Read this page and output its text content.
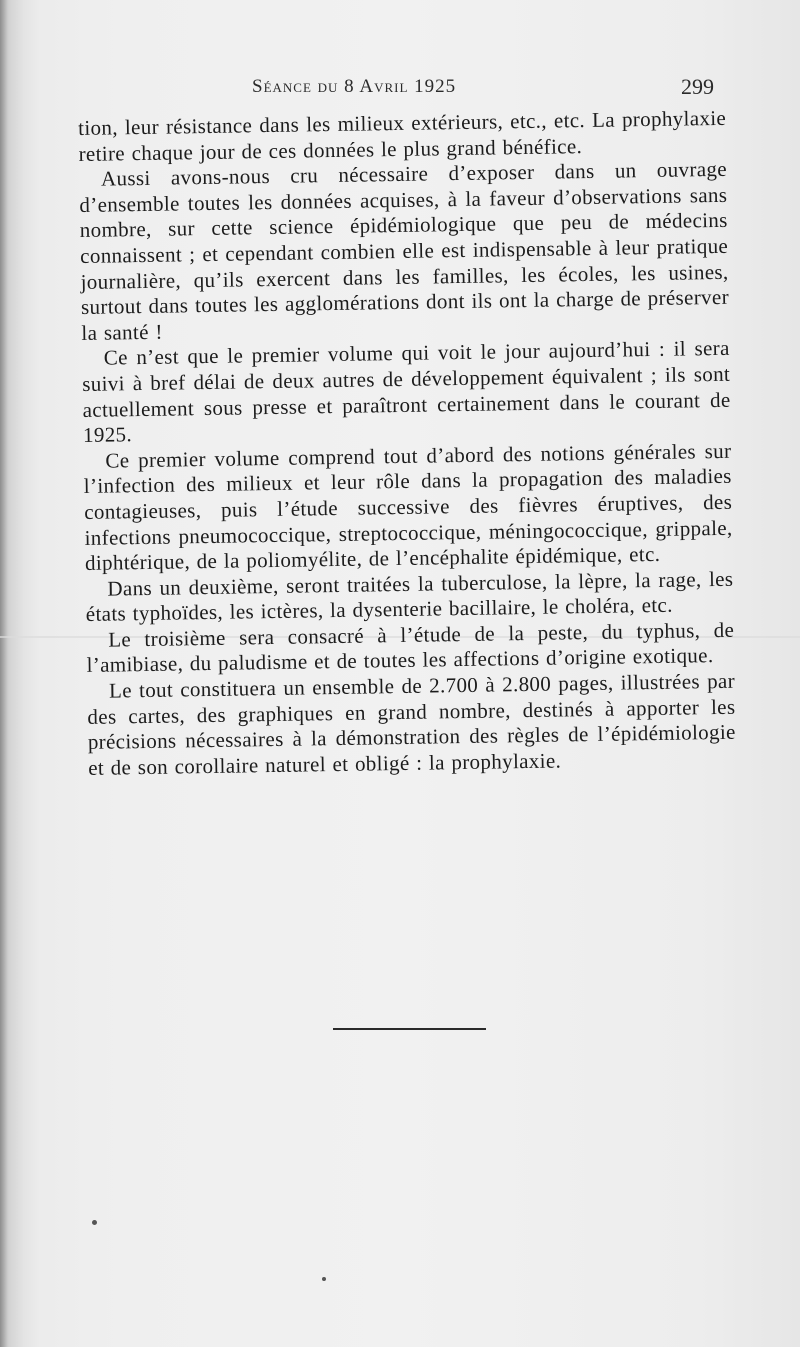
Séance du 8 Avril 1925	299

tion, leur résistance dans les milieux extérieurs, etc., etc. La prophylaxie retire chaque jour de ces données le plus grand bénéfice.

Aussi avons-nous cru nécessaire d’exposer dans un ouvrage d’ensemble toutes les données acquises, à la faveur d’observations sans nombre, sur cette science épidémiologique que peu de médecins connaissent ; et cependant combien elle est indispensable à leur pratique journalière, qu’ils exercent dans les familles, les écoles, les usines, surtout dans toutes les agglomérations dont ils ont la charge de préserver la santé !

Ce n’est que le premier volume qui voit le jour aujourd’hui : il sera suivi à bref délai de deux autres de développement équivalent ; ils sont actuellement sous presse et paraîtront certainement dans le courant de 1925.

Ce premier volume comprend tout d’abord des notions générales sur l’infection des milieux et leur rôle dans la propagation des maladies contagieuses, puis l’étude successive des fièvres éruptives, des infections pneumococcique, streptococcique, méningococcique, grippale, diphtérique, de la poliomyélite, de l’encéphalite épidémique, etc.

Dans un deuxième, seront traitées la tuberculose, la lèpre, la rage, les états typhoïdes, les ictères, la dysenterie bacillaire, le choléra, etc.

Le troisième sera consacré à l’étude de la peste, du typhus, de l’amibiase, du paludisme et de toutes les affections d’origine exotique.

Le tout constituera un ensemble de 2.700 à 2.800 pages, illustrées par des cartes, des graphiques en grand nombre, destinés à apporter les précisions nécessaires à la démonstration des règles de l’épidémiologie et de son corollaire naturel et obligé : la prophylaxie.
